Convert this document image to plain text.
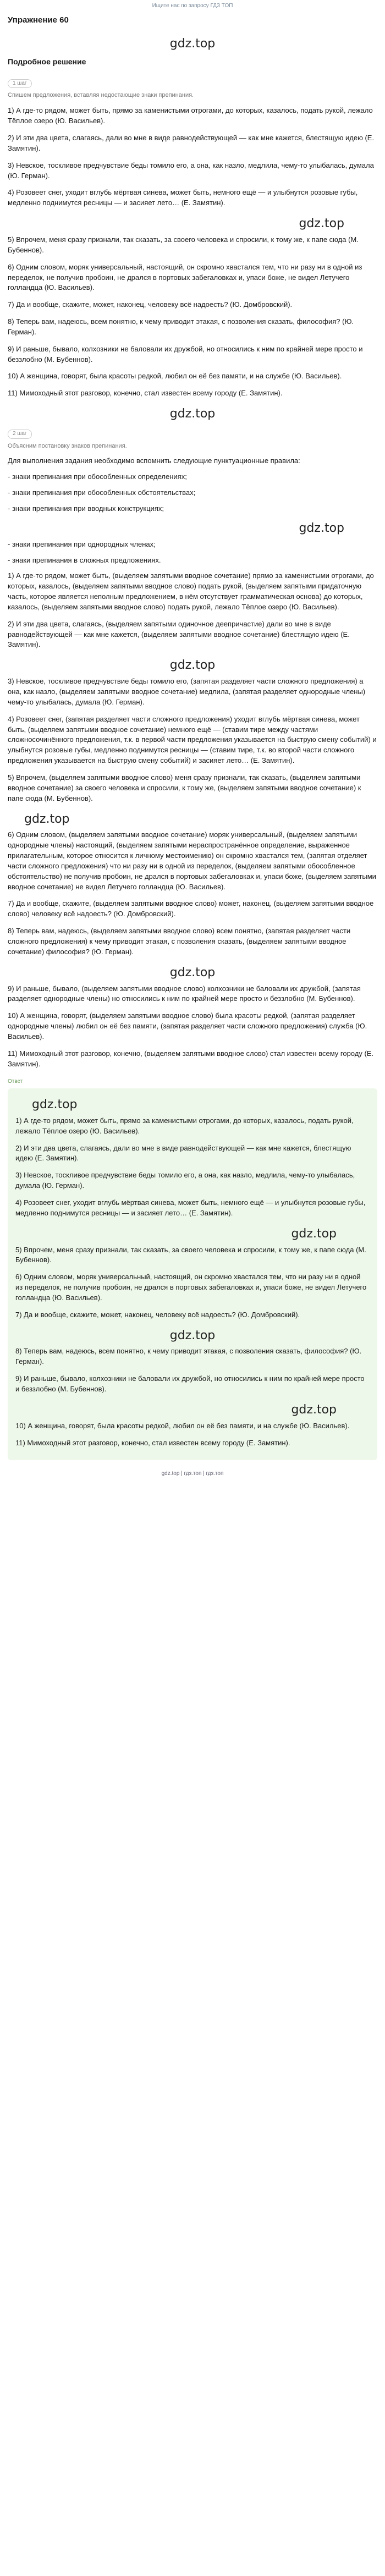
Ищите нас по запросу ГДЗ ТОП
Упражнение 60
gdz.top
Подробное решение
1 шаг
Спишем предложения, вставляя недостающие знаки препинания.

1) А где-то рядом, может быть, прямо за каменистыми отрогами, до которых, казалось, подать рукой, лежало Тёплое озеро (Ю. Васильев).

2) И эти два цвета, слагаясь, дали во мне в виде равнодействующей — как мне кажется, блестящую идею (Е. Замятин).

3) Невское, тоскливое предчувствие беды томило его, а она, как назло, медлила, чему-то улыбалась, думала (Ю. Герман).

4) Розовеет снег, уходит вглубь мёртвая синева, может быть, немного ещё — и улыбнутся розовые губы, медленно поднимутся ресницы — и засияет лето… (Е. Замятин).

gdz.top

5) Впрочем, меня сразу признали, так сказать, за своего человека и спросили, к тому же, к папе сюда (М. Бубеннов).

6) Одним словом, моряк универсальный, настоящий, он скромно хвастался тем, что ни разу ни в одной из переделок, не получив пробоин, не дрался в портовых забегаловках и, упаси боже, не видел Летучего голландца (Ю. Васильев).

7) Да и вообще, скажите, может, наконец, человеку всё надоесть? (Ю. Домбровский).

8) Теперь вам, надеюсь, всем понятно, к чему приводит этакая, с позволения сказать, философия? (Ю. Герман).

9) И раньше, бывало, колхозники не баловали их дружбой, но относились к ним по крайней мере просто и беззлобно (М. Бубеннов).

10) А женщина, говорят, была красоты редкой, любил он её без памяти, и на службе (Ю. Васильев).

11) Мимоходный этот разговор, конечно, стал известен всему городу (Е. Замятин).

gdz.top
2 шаг
Объясним постановку знаков препинания.

Для выполнения задания необходимо вспомнить следующие пунктуационные правила:

- знаки препинания при обособленных определениях;

- знаки препинания при обособленных обстоятельствах;

- знаки препинания при вводных конструкциях;

gdz.top

- знаки препинания при однородных членах;

- знаки препинания в сложных предложениях.

1) А где-то рядом, может быть, (выделяем запятыми вводное сочетание) прямо за каменистыми отрогами, до которых, казалось, (выделяем запятыми вводное слово) подать рукой, (выделяем запятыми придаточную часть, которое является неполным предложением, в нём отсутствует грамматическая основа) до которых, казалось, (выделяем запятыми вводное слово) подать рукой, лежало Тёплое озеро (Ю. Васильев).

2) И эти два цвета, слагаясь, (выделяем запятыми одиночное деепричастие) дали во мне в виде равнодействующей — как мне кажется, (выделяем запятыми вводное сочетание) блестящую идею (Е. Замятин).

gdz.top

3) Невское, тоскливое предчувствие беды томило его, (запятая разделяет части сложного предложения) а она, как назло, (выделяем запятыми вводное сочетание) медлила, (запятая разделяет однородные члены) чему-то улыбалась, думала (Ю. Герман).

4) Розовеет снег, (запятая разделяет части сложного предложения) уходит вглубь мёртвая синева, может быть, (выделяем запятыми вводное сочетание) немного ещё — (ставим тире между частями сложносочинённого предложения, т.к. в первой части предложения указывается на быструю смену событий) и улыбнутся розовые губы, медленно поднимутся ресницы — (ставим тире, т.к. во второй части сложного предложения указывается на быструю смену событий) и засияет лето… (Е. Замятин).

5) Впрочем, (выделяем запятыми вводное слово) меня сразу признали, так сказать, (выделяем запятыми вводное сочетание) за своего человека и спросили, к тому же, (выделяем запятыми вводное сочетание) к папе сюда (М. Бубеннов).

gdz.top

6) Одним словом, (выделяем запятыми вводное сочетание) моряк универсальный, (выделяем запятыми однородные члены) настоящий, (выделяем запятыми нераспространённое определение, выраженное прилагательным, которое относится к личному местоимению) он скромно хвастался тем, (запятая отделяет части сложного предложения) что ни разу ни в одной из переделок, (выделяем запятыми обособленное обстоятельство) не получив пробоин, не дрался в портовых забегаловках и, упаси боже, (выделяем запятыми вводное сочетание) не видел Летучего голландца (Ю. Васильев).

7) Да и вообще, скажите, (выделяем запятыми вводное слово) может, наконец, (выделяем запятыми вводное слово) человеку всё надоесть? (Ю. Домбровский).

8) Теперь вам, надеюсь, (выделяем запятыми вводное слово) всем понятно, (запятая разделяет части сложного предложения) к чему приводит этакая, с позволения сказать, (выделяем запятыми вводное сочетание) философия? (Ю. Герман).

gdz.top

9) И раньше, бывало, (выделяем запятыми вводное слово) колхозники не баловали их дружбой, (запятая разделяет однородные члены) но относились к ним по крайней мере просто и беззлобно (М. Бубеннов).

10) А женщина, говорят, (выделяем запятыми вводное слово) была красоты редкой, (запятая разделяет однородные члены) любил он её без памяти, (запятая разделяет части сложного предложения) служба (Ю. Васильев).

11) Мимоходный этот разговор, конечно, (выделяем запятыми вводное слово) стал известен всему городу (Е. Замятин).

Ответ
gdz.top

1) А где-то рядом, может быть, прямо за каменистыми отрогами, до которых, казалось, подать рукой, лежало Тёплое озеро (Ю. Васильев).

2) И эти два цвета, слагаясь, дали во мне в виде равнодействующей — как мне кажется, блестящую идею (Е. Замятин).

3) Невское, тоскливое предчувствие беды томило его, а она, как назло, медлила, чему-то улыбалась, думала (Ю. Герман).

4) Розовеет снег, уходит вглубь мёртвая синева, может быть, немного ещё — и улыбнутся розовые губы, медленно поднимутся ресницы — и засияет лето… (Е. Замятин).

gdz.top

5) Впрочем, меня сразу признали, так сказать, за своего человека и спросили, к тому же, к папе сюда (М. Бубеннов).

6) Одним словом, моряк универсальный, настоящий, он скромно хвастался тем, что ни разу ни в одной из переделок, не получив пробоин, не дрался в портовых забегаловках и, упаси боже, не видел Летучего голландца (Ю. Васильев).

7) Да и вообще, скажите, может, наконец, человеку всё надоесть? (Ю. Домбровский).

gdz.top

8) Теперь вам, надеюсь, всем понятно, к чему приводит этакая, с позволения сказать, философия? (Ю. Герман).

9) И раньше, бывало, колхозники не баловали их дружбой, но относились к ним по крайней мере просто и беззлобно (М. Бубеннов).

gdz.top

10) А женщина, говорят, была красоты редкой, любил он её без памяти, и на службе (Ю. Васильев).

11) Мимоходный этот разговор, конечно, стал известен всему городу (Е. Замятин).

gdz.top | гдз.топ | гдз.топ
